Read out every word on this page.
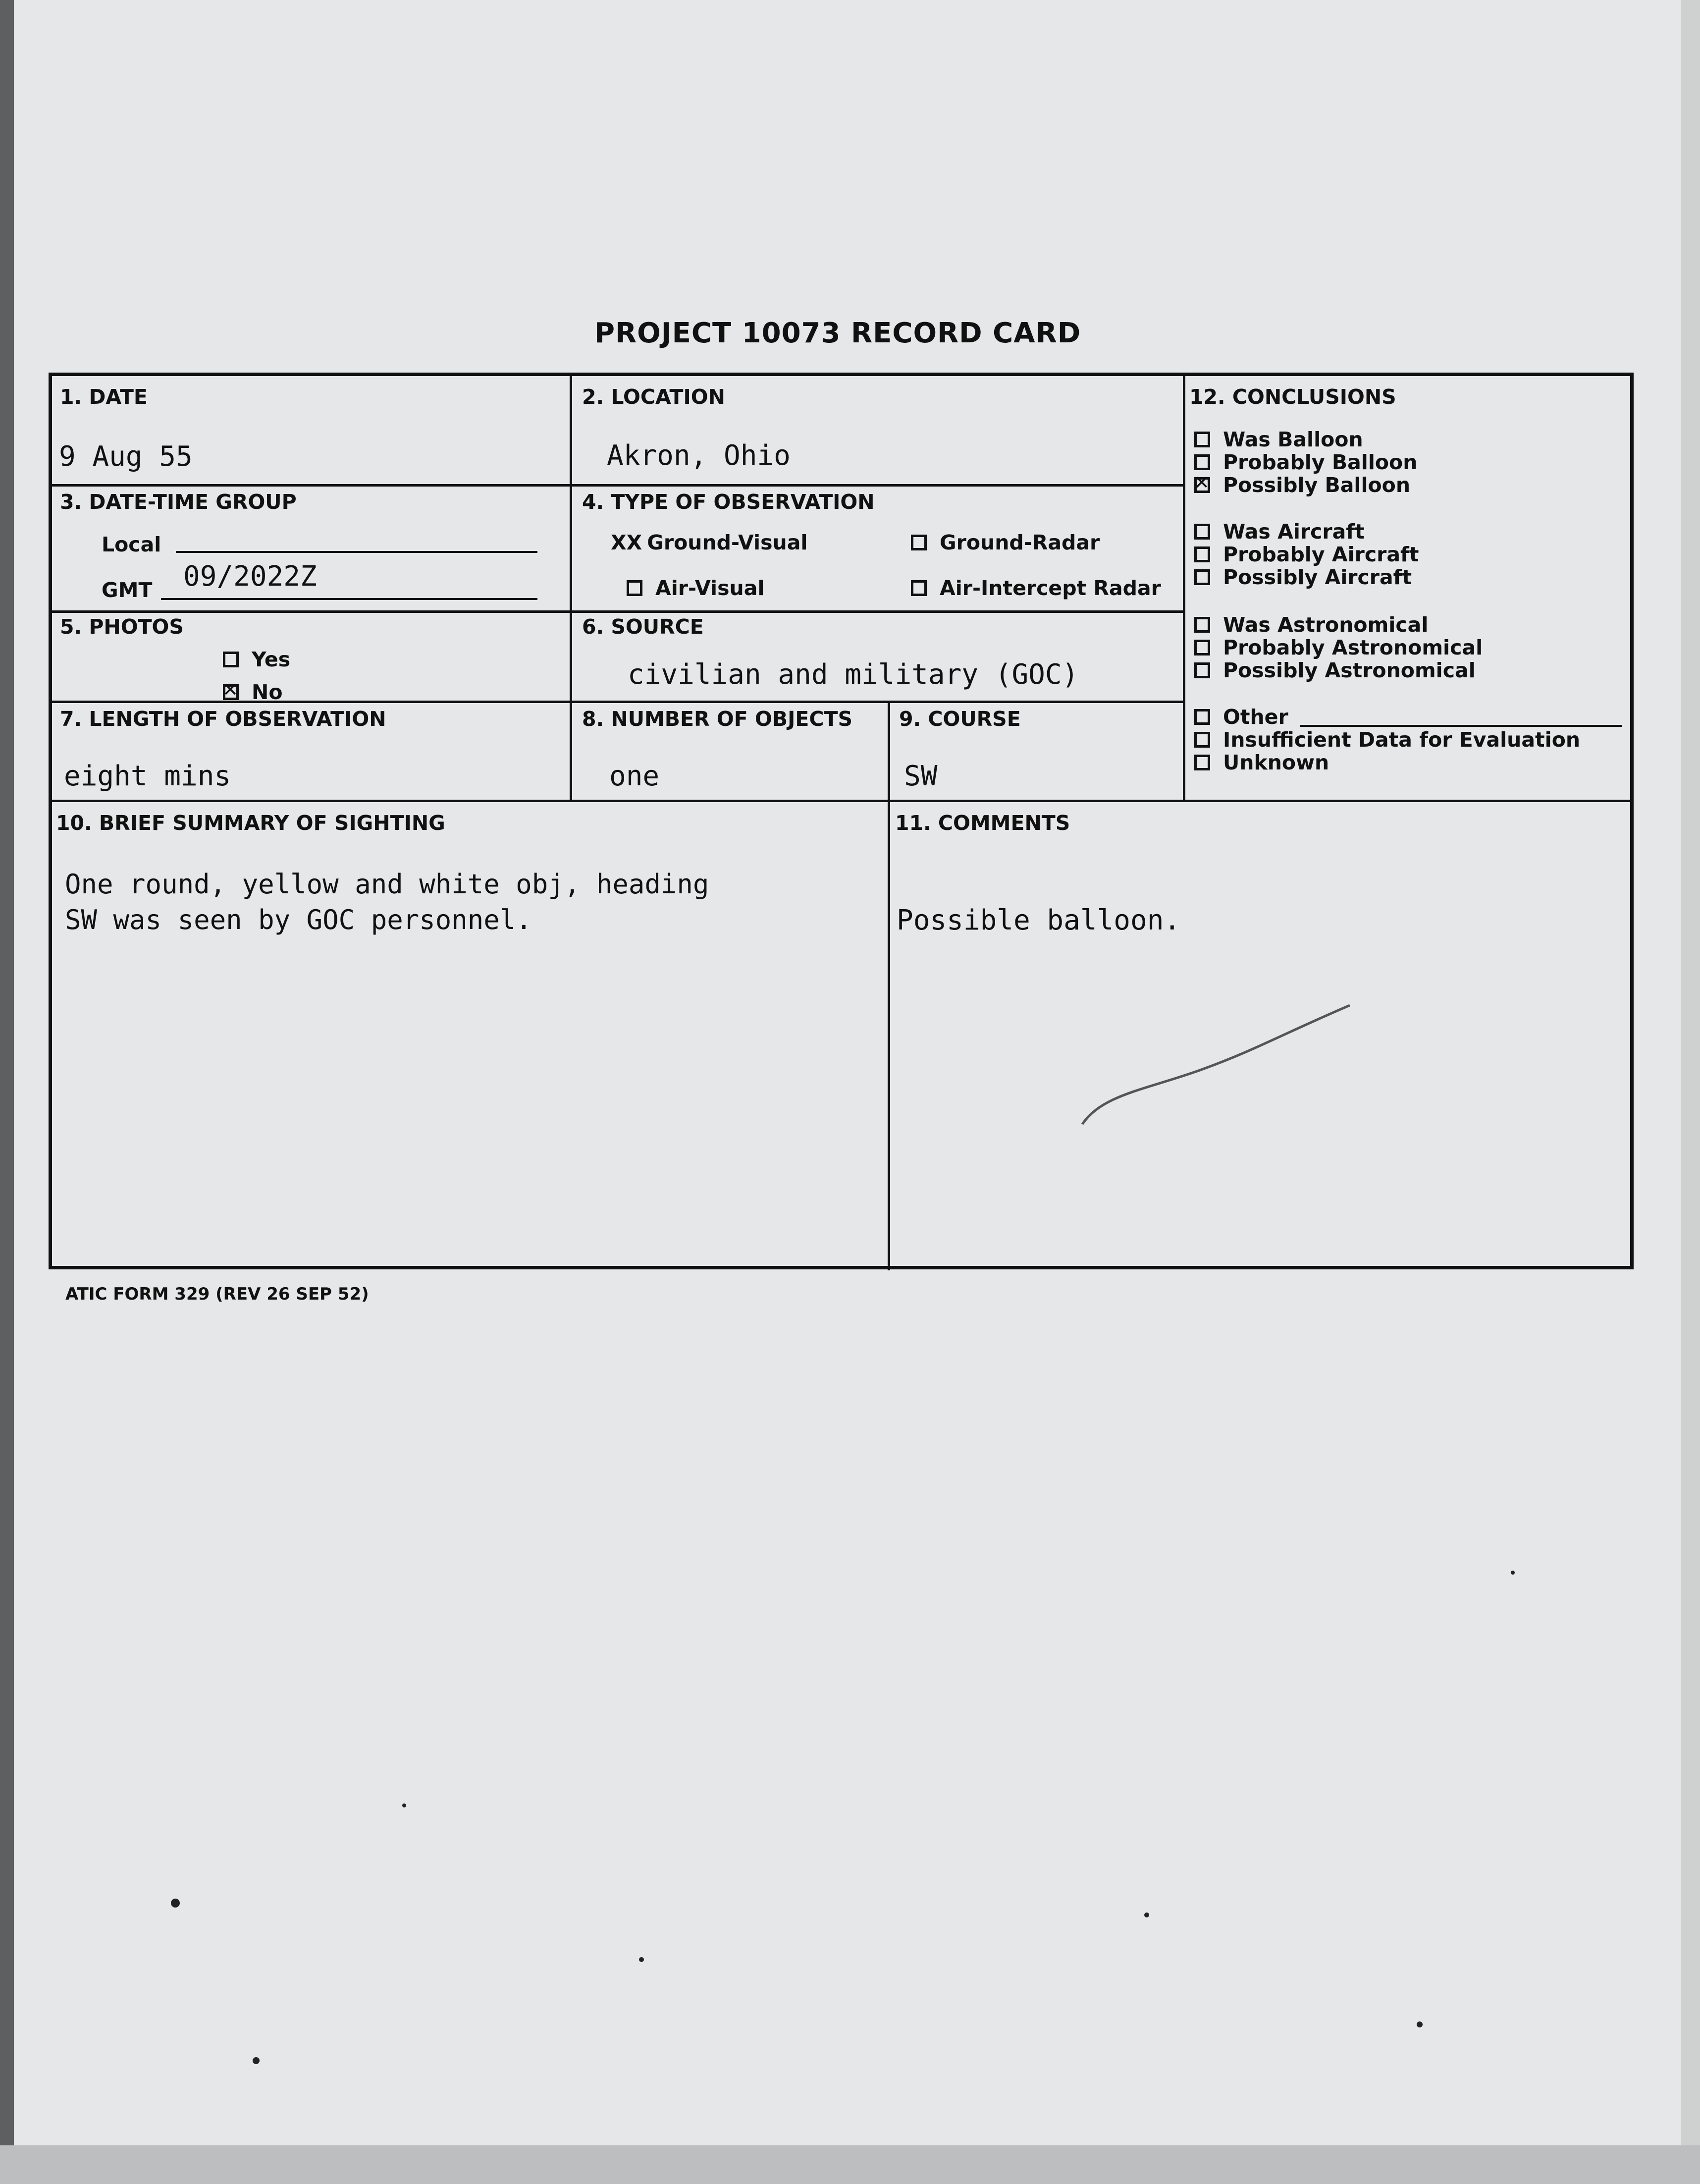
PROJECT 10073 RECORD CARD
1. DATE
9 Aug 55
2. LOCATION
Akron, Ohio
3. DATE-TIME GROUP
Local
GMT 09/2022Z
4. TYPE OF OBSERVATION
XX Ground-Visual	Ground-Radar
Air-Visual	Air-Intercept Radar
5. PHOTOS
Yes
✕
No
6. SOURCE
civilian and military (GOC)
7. LENGTH OF OBSERVATION
eight mins
8. NUMBER OF OBJECTS
one
9. COURSE
SW
10. BRIEF SUMMARY OF SIGHTING
One round, yellow and white obj, heading
SW was seen by GOC personnel.
11. COMMENTS
Possible balloon.
12. CONCLUSIONS
Was Balloon
Probably Balloon
✕
Possibly Balloon
Was Aircraft
Probably Aircraft
Possibly Aircraft
Was Astronomical
Probably Astronomical
Possibly Astronomical
Other
Insufficient Data for Evaluation
Unknown
ATIC FORM 329 (REV 26 SEP 52)
